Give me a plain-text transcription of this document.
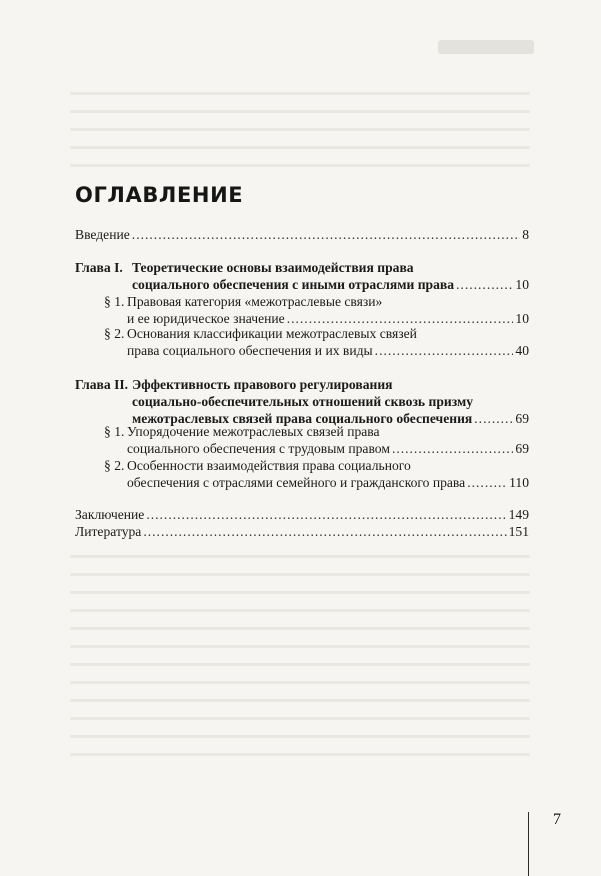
ОГЛАВЛЕНИЕ
Введение .....	8
Глава I. Теоретические основы взаимодействия права
социального обеспечения с иными отраслями права .....	10
§ 1. Правовая категория «межотраслевые связи»
и ее юридическое значение .....	10
§ 2. Основания классификации межотраслевых связей
права социального обеспечения и их виды .....	40
Глава II. Эффективность правового регулирования
социально-обеспечительных отношений сквозь призму
межотраслевых связей права социального обеспечения .....	69
§ 1. Упорядочение межотраслевых связей права
социального обеспечения с трудовым правом .....	69
§ 2. Особенности взаимодействия права социального
обеспечения с отраслями семейного и гражданского права .....	110
Заключение .....	149
Литература .....	151
7
